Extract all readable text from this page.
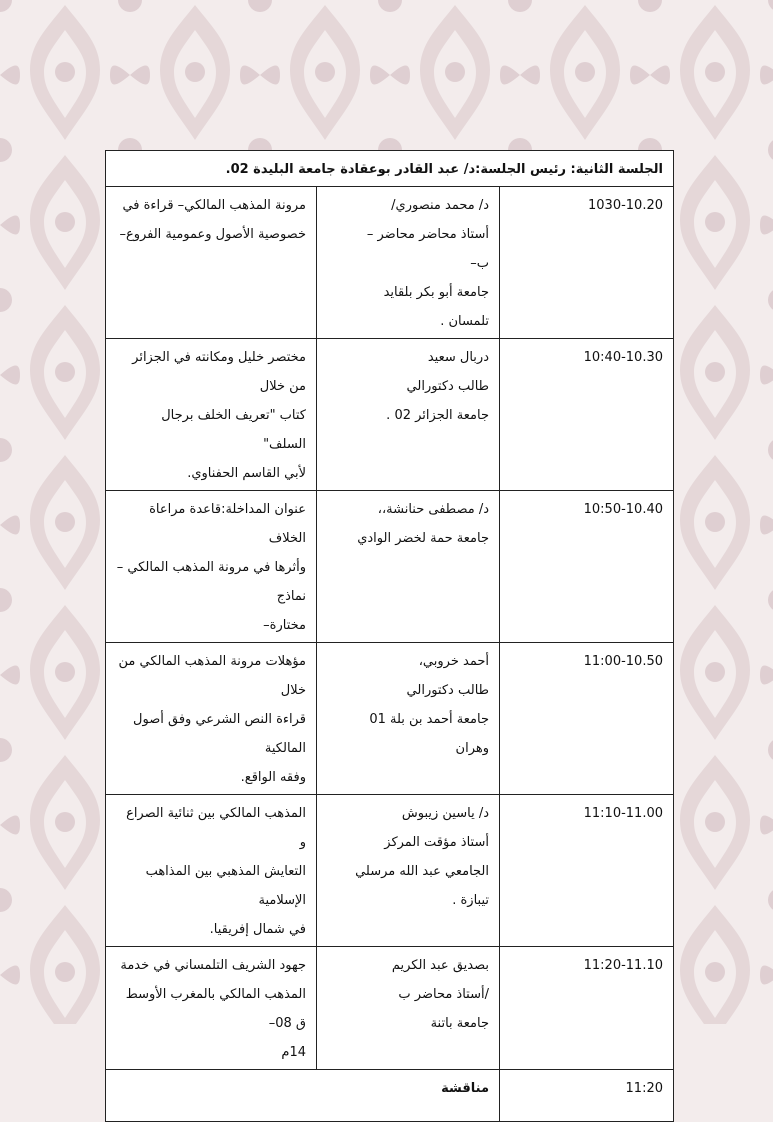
الجلسة الثانية: رئيس الجلسة:د/ عبد القادر بوعقادة جامعة البليدة 02.		
1030-10.20	د/ محمد منصوري/
أستاذ محاضر محاضر –
ب–
جامعة أبو بكر بلقايد
تلمسان .	مرونة المذهب المالكي– قراءة في
خصوصية الأصول وعمومية الفروع–

10:40-10.30	دربال سعيد
طالب دكتورالي
جامعة الجزائر 02 .	مختصر خليل ومكانته في الجزائر من خلال
كتاب "تعريف الخلف برجال السلف"
لأبي القاسم الحفناوي.

10:50-10.40	د/ مصطفى حنانشة،،
جامعة حمة لخضر الوادي	عنوان المداخلة:قاعدة مراعاة الخلاف
وأثرها في مرونة المذهب المالكي –نماذج
مختارة–

11:00-10.50	أحمد خروبي،
طالب دكتورالي
جامعة أحمد بن بلة 01
وهران	مؤهلات مرونة المذهب المالكي من خلال
قراءة النص الشرعي وفق أصول المالكية
وفقه الواقع.

11:10-11.00	د/ ياسين زيبوش
أستاذ مؤقت المركز
الجامعي عبد الله مرسلي
تيبازة .	المذهب المالكي بين ثنائية الصراع و
التعايش المذهبي بين المذاهب الإسلامية
في شمال إفريقيا.

11:20-11.10	بصديق عبد الكريم
/أستاذ محاضر ب
جامعة باتنة	جهود الشريف التلمساني في خدمة
المذهب المالكي بالمغرب الأوسط ق 08–
14م

11:20	مناقشة	
